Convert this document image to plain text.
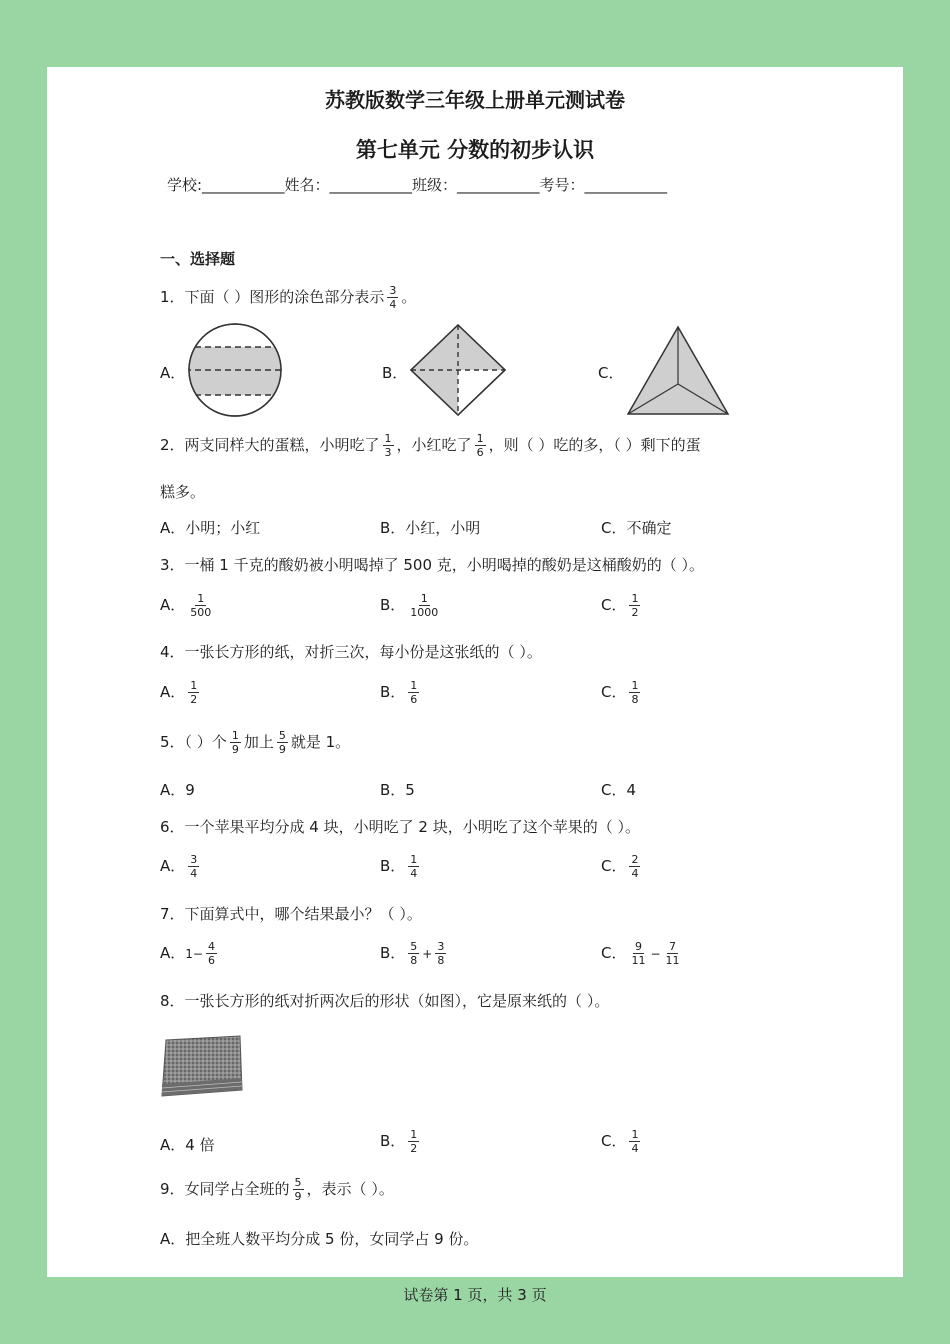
苏教版数学三年级上册单元测试卷
第七单元 分数的初步认识
学校:___________姓名：___________班级：___________考号：___________
一、选择题
1．下面（ ）图形的涂色部分表示 $\frac{3}{4}$ 。
A．	B．	C．
2．两支同样大的蛋糕，小明吃了 $\frac{1}{3}$ ，小红吃了 $\frac{1}{6}$ ，则（ ）吃的多，（ ）剩下的蛋
糕多。
A．小明；小红	B．小红，小明	C．不确定
3．一桶 1 千克的酸奶被小明喝掉了 500 克，小明喝掉的酸奶是这桶酸奶的（ ）。
A． $\frac{1}{500}$	B． $\frac{1}{1000}$	C． $\frac{1}{2}$
4．一张长方形的纸，对折三次，每小份是这张纸的（ ）。
A． $\frac{1}{2}$	B． $\frac{1}{6}$	C． $\frac{1}{8}$
5．（ ）个 $\frac{1}{9}$ 加上 $\frac{5}{9}$ 就是 1。
A．9	B．5	C．4
6．一个苹果平均分成 4 块，小明吃了 2 块，小明吃了这个苹果的（ ）。
A． $\frac{3}{4}$	B． $\frac{1}{4}$	C． $\frac{2}{4}$
7．下面算式中，哪个结果最小？（ ）。
A．$1- \frac{4}{6}$	B． $\frac{5}{8} + \frac{3}{8}$	C． $\frac{9}{11} - \frac{7}{11}$
8．一张长方形的纸对折两次后的形状（如图），它是原来纸的（ ）。
A．4 倍	B． $\frac{1}{2}$	C． $\frac{1}{4}$
9．女同学占全班的 $\frac{5}{9}$ ，表示（ ）。
A．把全班人数平均分成 5 份，女同学占 9 份。
试卷第 1 页，共 3 页
